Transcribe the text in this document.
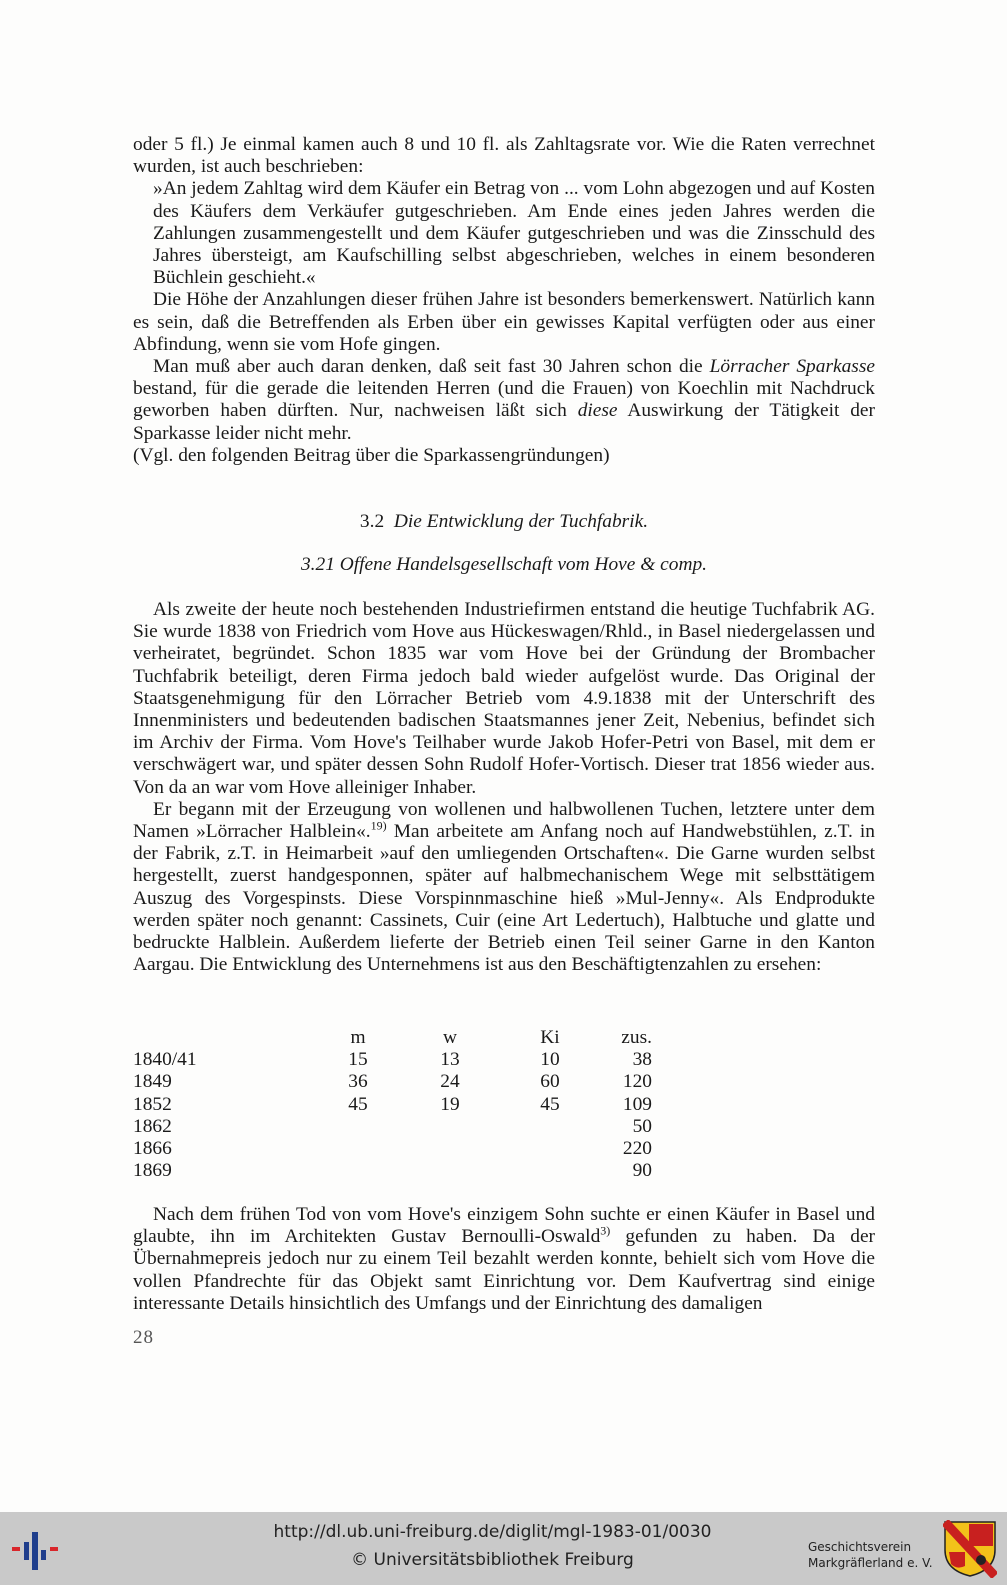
oder 5 fl.) Je einmal kamen auch 8 und 10 fl. als Zahltagsrate vor. Wie die Raten verrechnet wurden, ist auch beschrieben:

»An jedem Zahltag wird dem Käufer ein Betrag von ... vom Lohn abgezogen und auf Kosten des Käufers dem Verkäufer gutgeschrieben. Am Ende eines jeden Jahres werden die Zahlungen zusammengestellt und dem Käufer gutgeschrieben und was die Zinsschuld des Jahres übersteigt, am Kaufschilling selbst abgeschrieben, welches in einem besonderen Büchlein geschieht.«

Die Höhe der Anzahlungen dieser frühen Jahre ist besonders bemerkenswert. Natürlich kann es sein, daß die Betreffenden als Erben über ein gewisses Kapital verfügten oder aus einer Abfindung, wenn sie vom Hofe gingen.

Man muß aber auch daran denken, daß seit fast 30 Jahren schon die Lörracher Sparkasse bestand, für die gerade die leitenden Herren (und die Frauen) von Koechlin mit Nachdruck geworben haben dürften. Nur, nachweisen läßt sich diese Auswirkung der Tätigkeit der Sparkasse leider nicht mehr.

(Vgl. den folgenden Beitrag über die Sparkassengründungen)

3.2 Die Entwicklung der Tuchfabrik.
3.21 Offene Handelsgesellschaft vom Hove & comp.

Als zweite der heute noch bestehenden Industriefirmen entstand die heutige Tuchfabrik AG. Sie wurde 1838 von Friedrich vom Hove aus Hückeswagen/Rhld., in Basel niedergelassen und verheiratet, begründet. Schon 1835 war vom Hove bei der Gründung der Brombacher Tuchfabrik beteiligt, deren Firma jedoch bald wieder aufgelöst wurde. Das Original der Staatsgenehmigung für den Lörracher Betrieb vom 4.9.1838 mit der Unterschrift des Innenministers und bedeutenden badischen Staatsmannes jener Zeit, Nebenius, befindet sich im Archiv der Firma. Vom Hove's Teilhaber wurde Jakob Hofer-Petri von Basel, mit dem er verschwägert war, und später dessen Sohn Rudolf Hofer-Vortisch. Dieser trat 1856 wieder aus. Von da an war vom Hove alleiniger Inhaber.

Er begann mit der Erzeugung von wollenen und halbwollenen Tuchen, letztere unter dem Namen »Lörracher Halblein«.$^{19)}$ Man arbeitete am Anfang noch auf Handwebstühlen, z.T. in der Fabrik, z.T. in Heimarbeit »auf den umliegenden Ortschaften«. Die Garne wurden selbst hergestellt, zuerst handgesponnen, später auf halbmechanischem Wege mit selbsttätigem Auszug des Vorgespinsts. Diese Vorspinnmaschine hieß »Mul-Jenny«. Als Endprodukte werden später noch genannt: Cassinets, Cuir (eine Art Ledertuch), Halbtuche und glatte und bedruckte Halblein. Außerdem lieferte der Betrieb einen Teil seiner Garne in den Kanton Aargau. Die Entwicklung des Unternehmens ist aus den Beschäftigtenzahlen zu ersehen:

	m	w	Ki	zus.
1840/41	15	13	10	38
1849	36	24	60	120
1852	45	19	45	109
1862				50
1866				220
1869				90

Nach dem frühen Tod von vom Hove's einzigem Sohn suchte er einen Käufer in Basel und glaubte, ihn im Architekten Gustav Bernoulli-Oswald$^{3)}$ gefunden zu haben. Da der Übernahmepreis jedoch nur zu einem Teil bezahlt werden konnte, behielt sich vom Hove die vollen Pfandrechte für das Objekt samt Einrichtung vor. Dem Kaufvertrag sind einige interessante Details hinsichtlich des Umfangs und der Einrichtung des damaligen

28
http://dl.ub.uni-freiburg.de/diglit/mgl-1983-01/0030
© Universitätsbibliothek Freiburg
Geschichtsverein
Markgräflerland e. V.
